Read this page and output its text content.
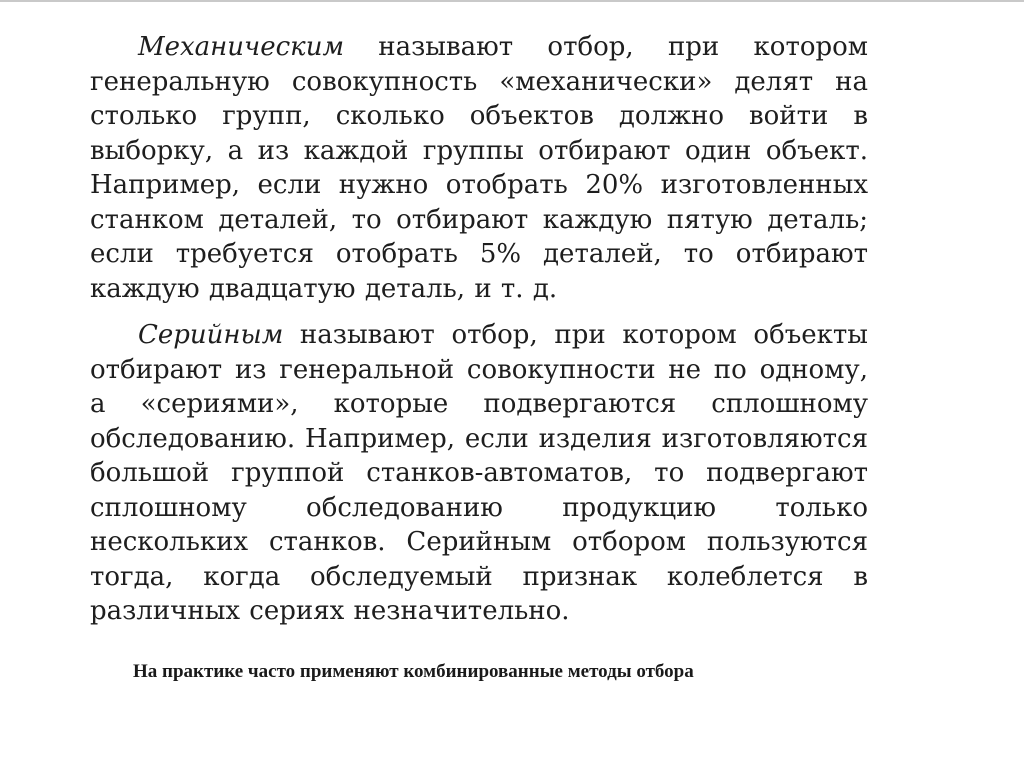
Механическим называют отбор, при котором генеральную совокупность «механически» делят на столько групп, сколько объектов должно войти в выборку, а из каждой группы отбирают один объект. Например, если нужно отобрать 20% изготовленных станком деталей, то отбирают каждую пятую деталь; если требуется отобрать 5% деталей, то отбирают каждую двадцатую деталь, и т. д.

Серийным называют отбор, при котором объекты отбирают из генеральной совокупности не по одному, а «сериями», которые подвергаются сплошному обследованию. Например, если изделия изготовляются большой группой станков-автоматов, то подвергают сплошному обследованию продукцию только нескольких станков. Серийным отбором пользуются тогда, когда обследуемый признак колеблется в различных сериях незначительно.

На практике часто применяют комбинированные методы отбора
